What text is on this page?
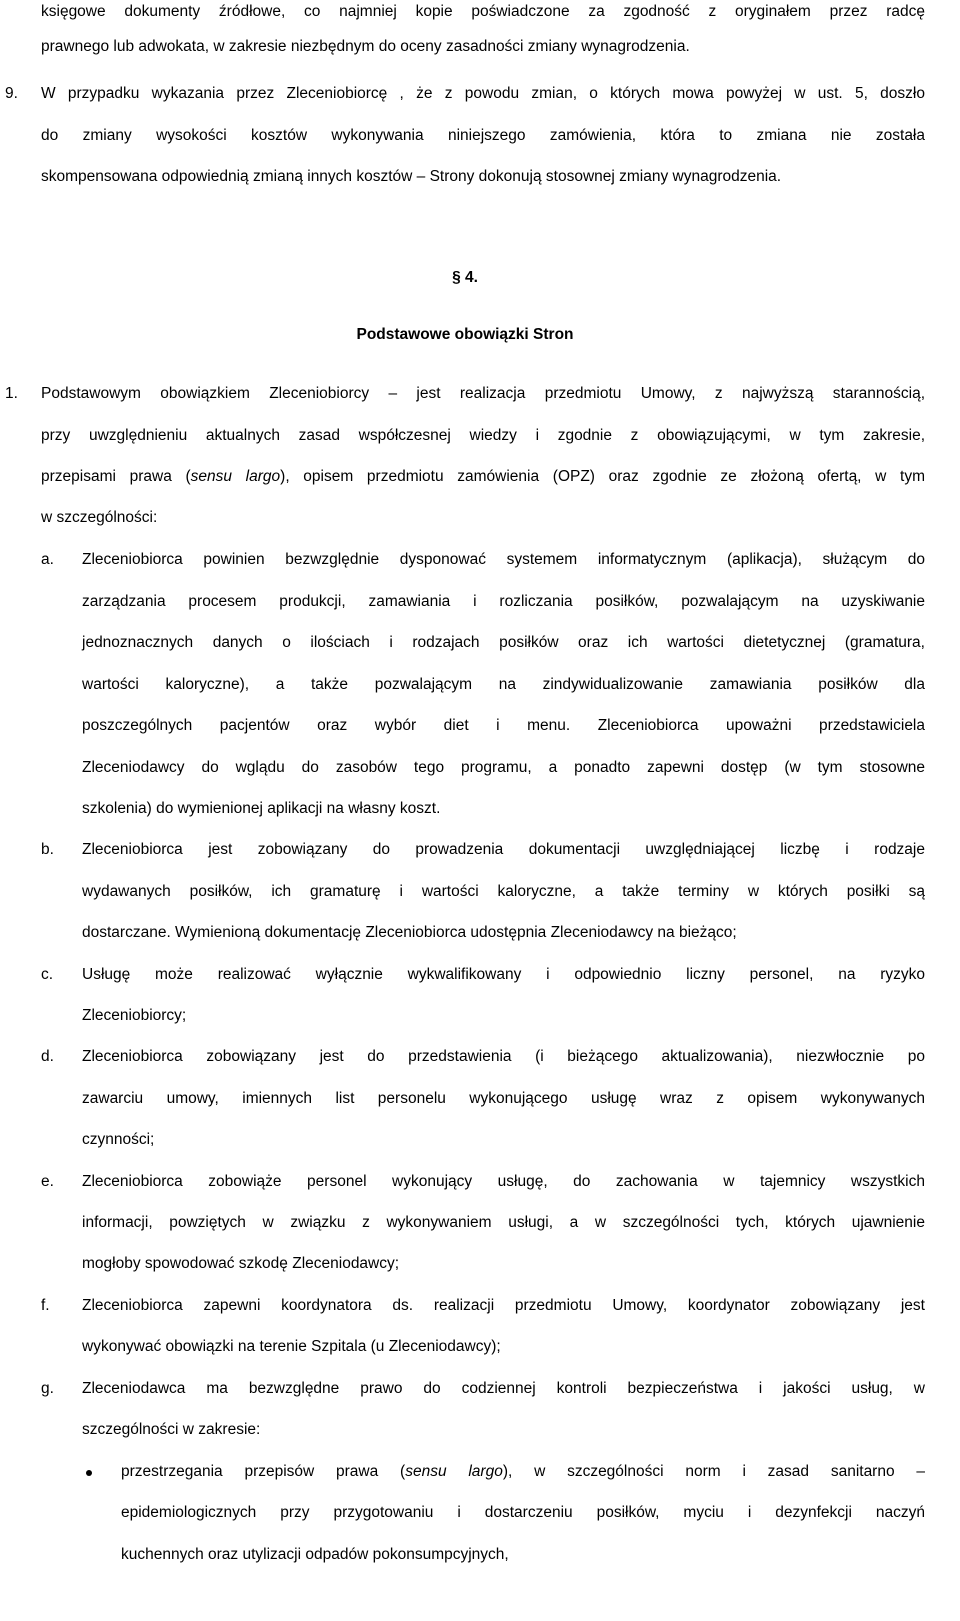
księgowe dokumenty źródłowe, co najmniej kopie poświadczone za zgodność z oryginałem przez radcę
prawnego lub adwokata, w zakresie niezbędnym do oceny zasadności zmiany wynagrodzenia.
9. W przypadku wykazania przez Zleceniobiorcę , że z powodu zmian, o których mowa powyżej w ust. 5, doszło
do zmiany wysokości kosztów wykonywania niniejszego zamówienia, która to zmiana nie została
skompensowana odpowiednią zmianą innych kosztów – Strony dokonują stosownej zmiany wynagrodzenia.
§ 4.
Podstawowe obowiązki Stron
1. Podstawowym obowiązkiem Zleceniobiorcy – jest realizacja przedmiotu Umowy, z najwyższą starannością,
przy uwzględnieniu aktualnych zasad współczesnej wiedzy i zgodnie z obowiązującymi, w tym zakresie,
przepisami prawa (sensu largo), opisem przedmiotu zamówienia (OPZ) oraz zgodnie ze złożoną ofertą, w tym
w szczególności:
a. Zleceniobiorca powinien bezwzględnie dysponować systemem informatycznym (aplikacja), służącym do
zarządzania procesem produkcji, zamawiania i rozliczania posiłków, pozwalającym na uzyskiwanie
jednoznacznych danych o ilościach i rodzajach posiłków oraz ich wartości dietetycznej (gramatura,
wartości kaloryczne), a także pozwalającym na zindywidualizowanie zamawiania posiłków dla
poszczególnych pacjentów oraz wybór diet i menu. Zleceniobiorca upoważni przedstawiciela
Zleceniodawcy do wglądu do zasobów tego programu, a ponadto zapewni dostęp (w tym stosowne
szkolenia) do wymienionej aplikacji na własny koszt.
b. Zleceniobiorca jest zobowiązany do prowadzenia dokumentacji uwzględniającej liczbę i rodzaje
wydawanych posiłków, ich gramaturę i wartości kaloryczne, a także terminy w których posiłki są
dostarczane. Wymienioną dokumentację Zleceniobiorca udostępnia Zleceniodawcy na bieżąco;
c. Usługę może realizować wyłącznie wykwalifikowany i odpowiednio liczny personel, na ryzyko
Zleceniobiorcy;
d. Zleceniobiorca zobowiązany jest do przedstawienia (i bieżącego aktualizowania), niezwłocznie po
zawarciu umowy, imiennych list personelu wykonującego usługę wraz z opisem wykonywanych
czynności;
e. Zleceniobiorca zobowiąże personel wykonujący usługę, do zachowania w tajemnicy wszystkich
informacji, powziętych w związku z wykonywaniem usługi, a w szczególności tych, których ujawnienie
mogłoby spowodować szkodę Zleceniodawcy;
f. Zleceniobiorca zapewni koordynatora ds. realizacji przedmiotu Umowy, koordynator zobowiązany jest
wykonywać obowiązki na terenie Szpitala (u Zleceniodawcy);
g. Zleceniodawca ma bezwzględne prawo do codziennej kontroli bezpieczeństwa i jakości usług, w
szczególności w zakresie:
przestrzegania przepisów prawa (sensu largo), w szczególności norm i zasad sanitarno –
epidemiologicznych przy przygotowaniu i dostarczeniu posiłków, myciu i dezynfekcji naczyń
kuchennych oraz utylizacji odpadów pokonsumpcyjnych,
